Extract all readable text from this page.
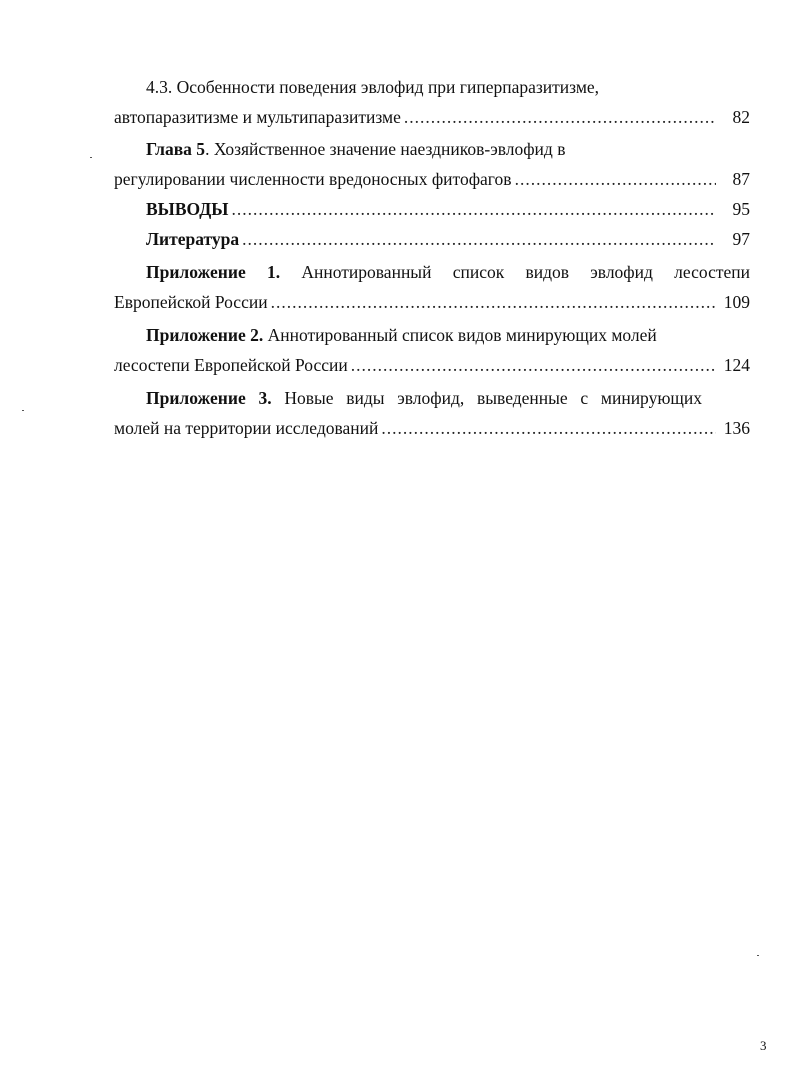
4.3. Особенности поведения эвлофид при гиперпаразитизме,
автопаразитизме и мультипаразитизме .....	82
Глава 5. Хозяйственное значение наездников-эвлофид в
регулировании численности вредоносных фитофагов .....	87
ВЫВОДЫ .....	95
Литература .....	97
Приложение 1. Аннотированный список видов эвлофид лесостепи
Европейской России .....	109
Приложение 2. Аннотированный список видов минирующих молей
лесостепи Европейской России .....	124
Приложение 3. Новые виды эвлофид, выведенные с минирующих
молей на территории исследований .....	136
3
